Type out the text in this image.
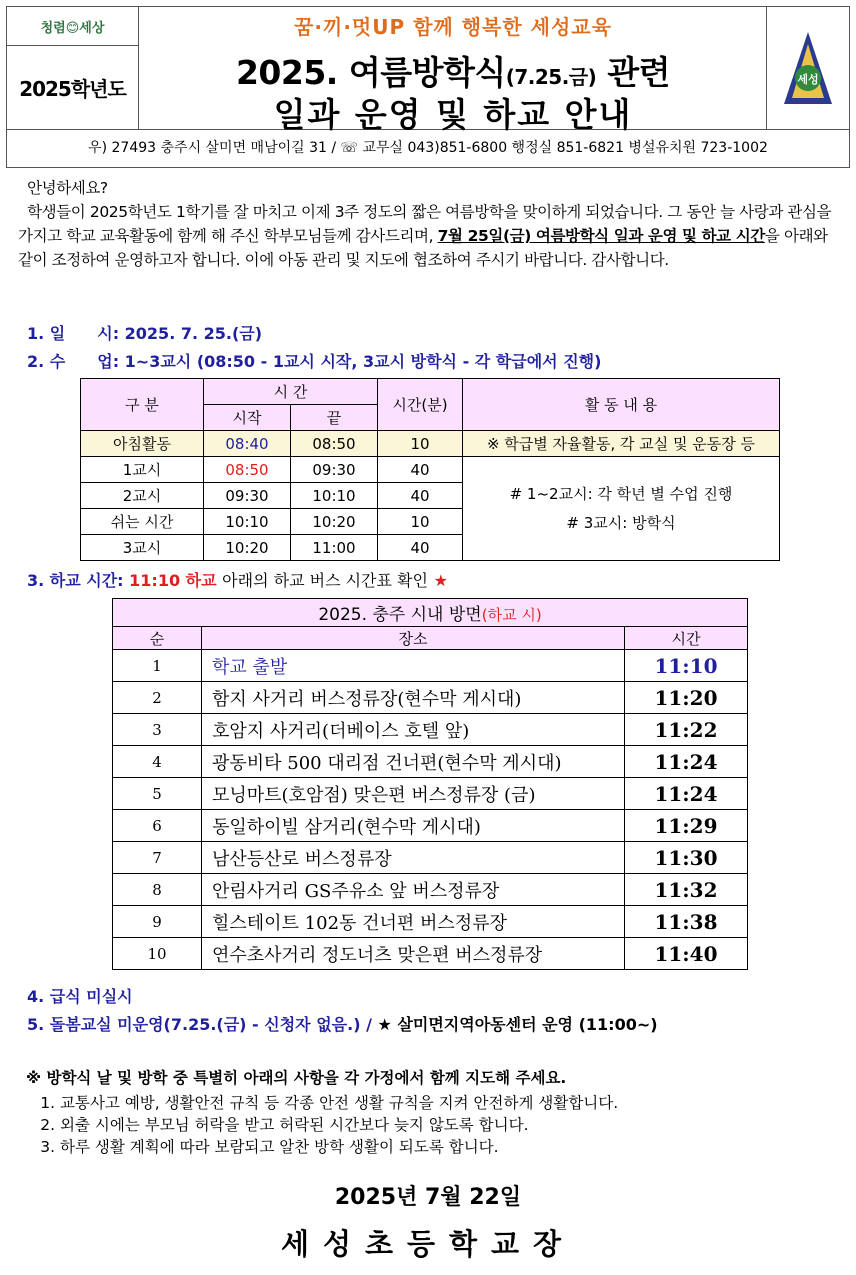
청렴😊세상
2025학년도
꿈·끼·멋UP 함께 행복한 세성교육
2025. 여름방학식(7.25.금) 관련
일과 운영 및 하교 안내
세성
우) 27493 충주시 살미면 매남이길 31 / ☏ 교무실 043)851-6800 행정실 851-6821 병설유치원 723-1002

안녕하세요?

학생들이 2025학년도 1학기를 잘 마치고 이제 3주 정도의 짧은 여름방학을 맞이하게 되었습니다. 그 동안 늘 사랑과 관심을 가지고 학교 교육활동에 함께 해 주신 학부모님들께 감사드리며, 7월 25일(금) 여름방학식 일과 운영 및 하교 시간을 아래와 같이 조정하여 운영하고자 합니다. 이에 아동 관리 및 지도에 협조하여 주시기 바랍니다. 감사합니다.

1. 일　　시: 2025. 7. 25.(금)
2. 수　　업: 1~3교시 (08:50 - 1교시 시작, 3교시 방학식 - 각 학급에서 진행)
구 분	시 간		시간(분)	활 동 내 용
	시작	끝		
아침활동	08:40	08:50	10	※ 학급별 자율활동, 각 교실 및 운동장 등
1교시	08:50	09:30	40	# 1~2교시: 각 학년 별 수업 진행
# 3교시: 방학식

2교시	09:30	10:10	40	
쉬는 시간	10:10	10:20	10	
3교시	10:20	11:00	40	
3. 하교 시간: 11:10 하교 아래의 하교 버스 시간표 확인 ★
2025. 충주 시내 방면(하교 시)		
순	장소	시간
1	학교 출발	11:10
2	함지 사거리 버스정류장(현수막 게시대)	11:20
3	호암지 사거리(더베이스 호텔 앞)	11:22
4	광동비타 500 대리점 건너편(현수막 게시대)	11:24
5	모닝마트(호암점) 맞은편 버스정류장 (금)	11:24
6	동일하이빌 삼거리(현수막 게시대)	11:29
7	남산등산로 버스정류장	11:30
8	안림사거리 GS주유소 앞 버스정류장	11:32
9	힐스테이트 102동 건너편 버스정류장	11:38
10	연수초사거리 정도너츠 맞은편 버스정류장	11:40
4. 급식 미실시
5. 돌봄교실 미운영(7.25.(금) - 신청자 없음.) / ★ 살미면지역아동센터 운영 (11:00~)
※ 방학식 날 및 방학 중 특별히 아래의 사항을 각 가정에서 함께 지도해 주세요.
1. 교통사고 예방, 생활안전 규칙 등 각종 안전 생활 규칙을 지켜 안전하게 생활합니다.
2. 외출 시에는 부모님 허락을 받고 허락된 시간보다 늦지 않도록 합니다.
3. 하루 생활 계획에 따라 보람되고 알찬 방학 생활이 되도록 합니다.
2025년 7월 22일
세성초등학교장
